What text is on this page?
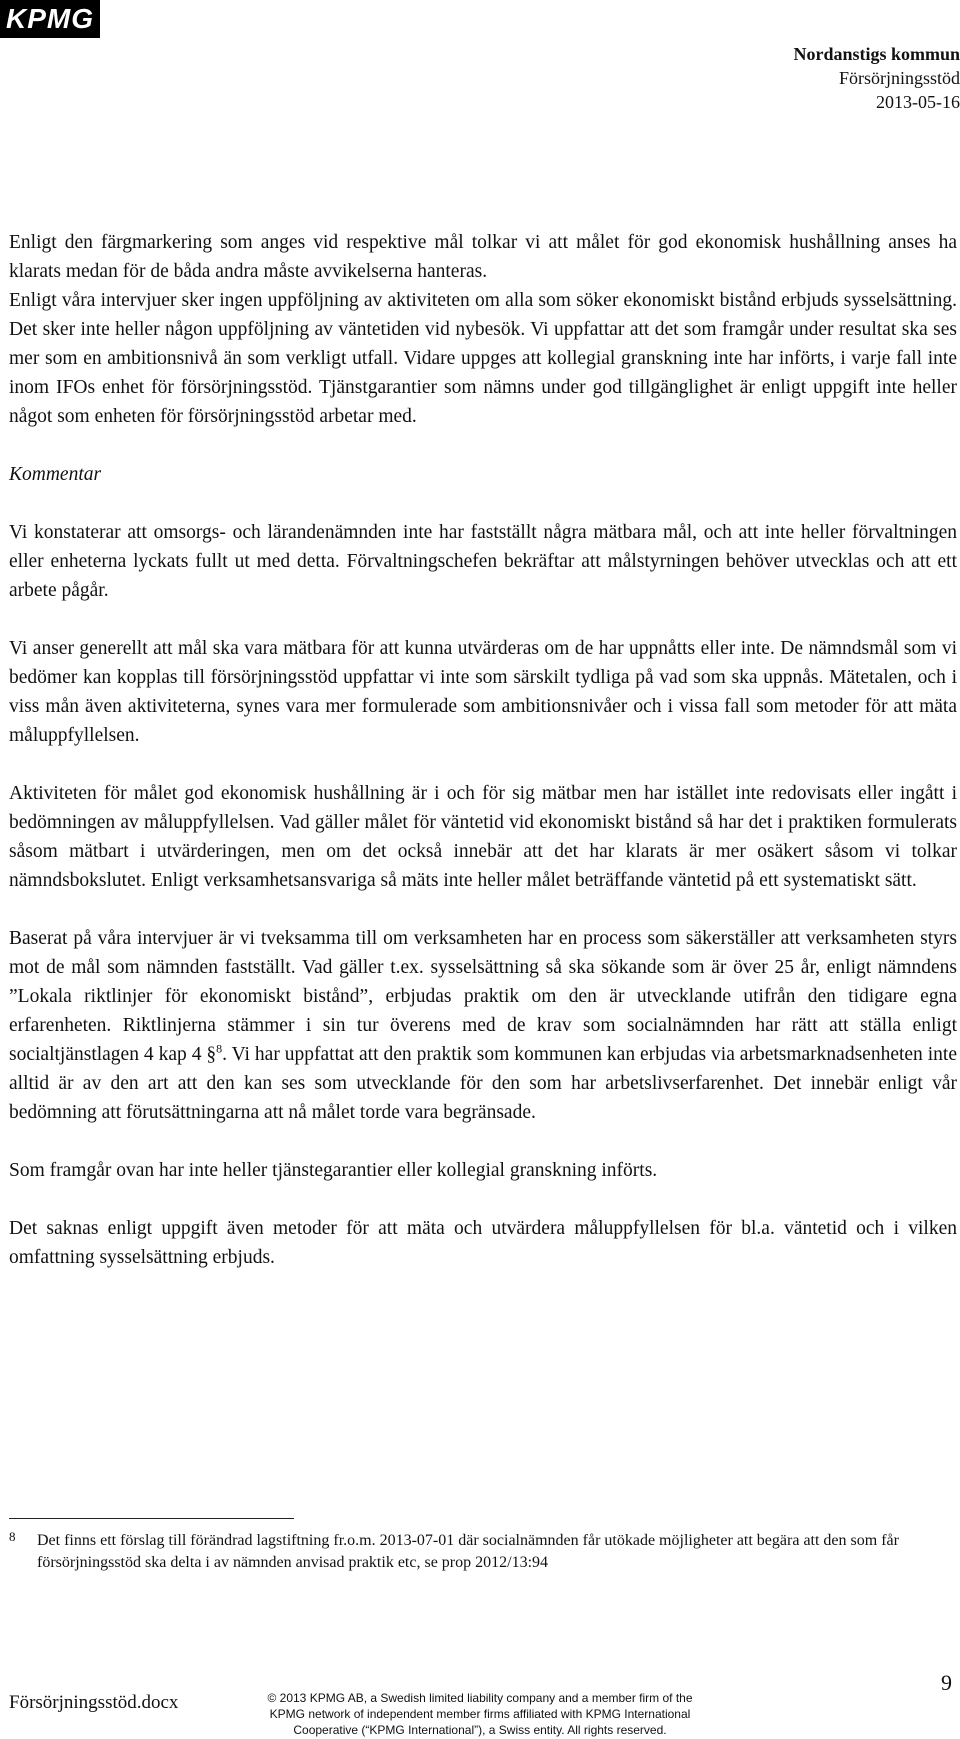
KPMG
Nordanstigs kommun
Försörjningsstöd
2013-05-16

Enligt den färgmarkering som anges vid respektive mål tolkar vi att målet för god ekonomisk hushållning anses ha klarats medan för de båda andra måste avvikelserna hanteras.

Enligt våra intervjuer sker ingen uppföljning av aktiviteten om alla som söker ekonomiskt bistånd erbjuds sysselsättning. Det sker inte heller någon uppföljning av väntetiden vid nybesök. Vi uppfattar att det som framgår under resultat ska ses mer som en ambitionsnivå än som verkligt utfall. Vidare uppges att kollegial granskning inte har införts, i varje fall inte inom IFOs enhet för försörjningsstöd. Tjänstgarantier som nämns under god tillgänglighet är enligt uppgift inte heller något som enheten för försörjningsstöd arbetar med.

Kommentar

Vi konstaterar att omsorgs- och lärandenämnden inte har fastställt några mätbara mål, och att inte heller förvaltningen eller enheterna lyckats fullt ut med detta. Förvaltningschefen bekräftar att målstyrningen behöver utvecklas och att ett arbete pågår.

Vi anser generellt att mål ska vara mätbara för att kunna utvärderas om de har uppnåtts eller inte. De nämndsmål som vi bedömer kan kopplas till försörjningsstöd uppfattar vi inte som särskilt tydliga på vad som ska uppnås. Mätetalen, och i viss mån även aktiviteterna, synes vara mer formulerade som ambitionsnivåer och i vissa fall som metoder för att mäta måluppfyllelsen.

Aktiviteten för målet god ekonomisk hushållning är i och för sig mätbar men har istället inte redovisats eller ingått i bedömningen av måluppfyllelsen. Vad gäller målet för väntetid vid ekonomiskt bistånd så har det i praktiken formulerats såsom mätbart i utvärderingen, men om det också innebär att det har klarats är mer osäkert såsom vi tolkar nämndsbokslutet. Enligt verksamhetsansvariga så mäts inte heller målet beträffande väntetid på ett systematiskt sätt.

Baserat på våra intervjuer är vi tveksamma till om verksamheten har en process som säkerställer att verksamheten styrs mot de mål som nämnden fastställt. Vad gäller t.ex. sysselsättning så ska sökande som är över 25 år, enligt nämndens ”Lokala riktlinjer för ekonomiskt bistånd”, erbjudas praktik om den är utvecklande utifrån den tidigare egna erfarenheten. Riktlinjerna stämmer i sin tur överens med de krav som socialnämnden har rätt att ställa enligt socialtjänstlagen 4 kap 4 §$^8$. Vi har uppfattat att den praktik som kommunen kan erbjudas via arbetsmarknadsenheten inte alltid är av den art att den kan ses som utvecklande för den som har arbetslivserfarenhet. Det innebär enligt vår bedömning att förutsättningarna att nå målet torde vara begränsade.

Som framgår ovan har inte heller tjänstegarantier eller kollegial granskning införts.

Det saknas enligt uppgift även metoder för att mäta och utvärdera måluppfyllelsen för bl.a. väntetid och i vilken omfattning sysselsättning erbjuds.

8 Det finns ett förslag till förändrad lagstiftning fr.o.m. 2013-07-01 där socialnämnden får utökade möjligheter att begära att den som får försörjningsstöd ska delta i av nämnden anvisad praktik etc, se prop 2012/13:94
Försörjningsstöd.docx	© 2013 KPMG AB, a Swedish limited liability company and a member firm of the
KPMG network of independent member firms affiliated with KPMG International
Cooperative (“KPMG International”), a Swiss entity. All rights reserved.
9
